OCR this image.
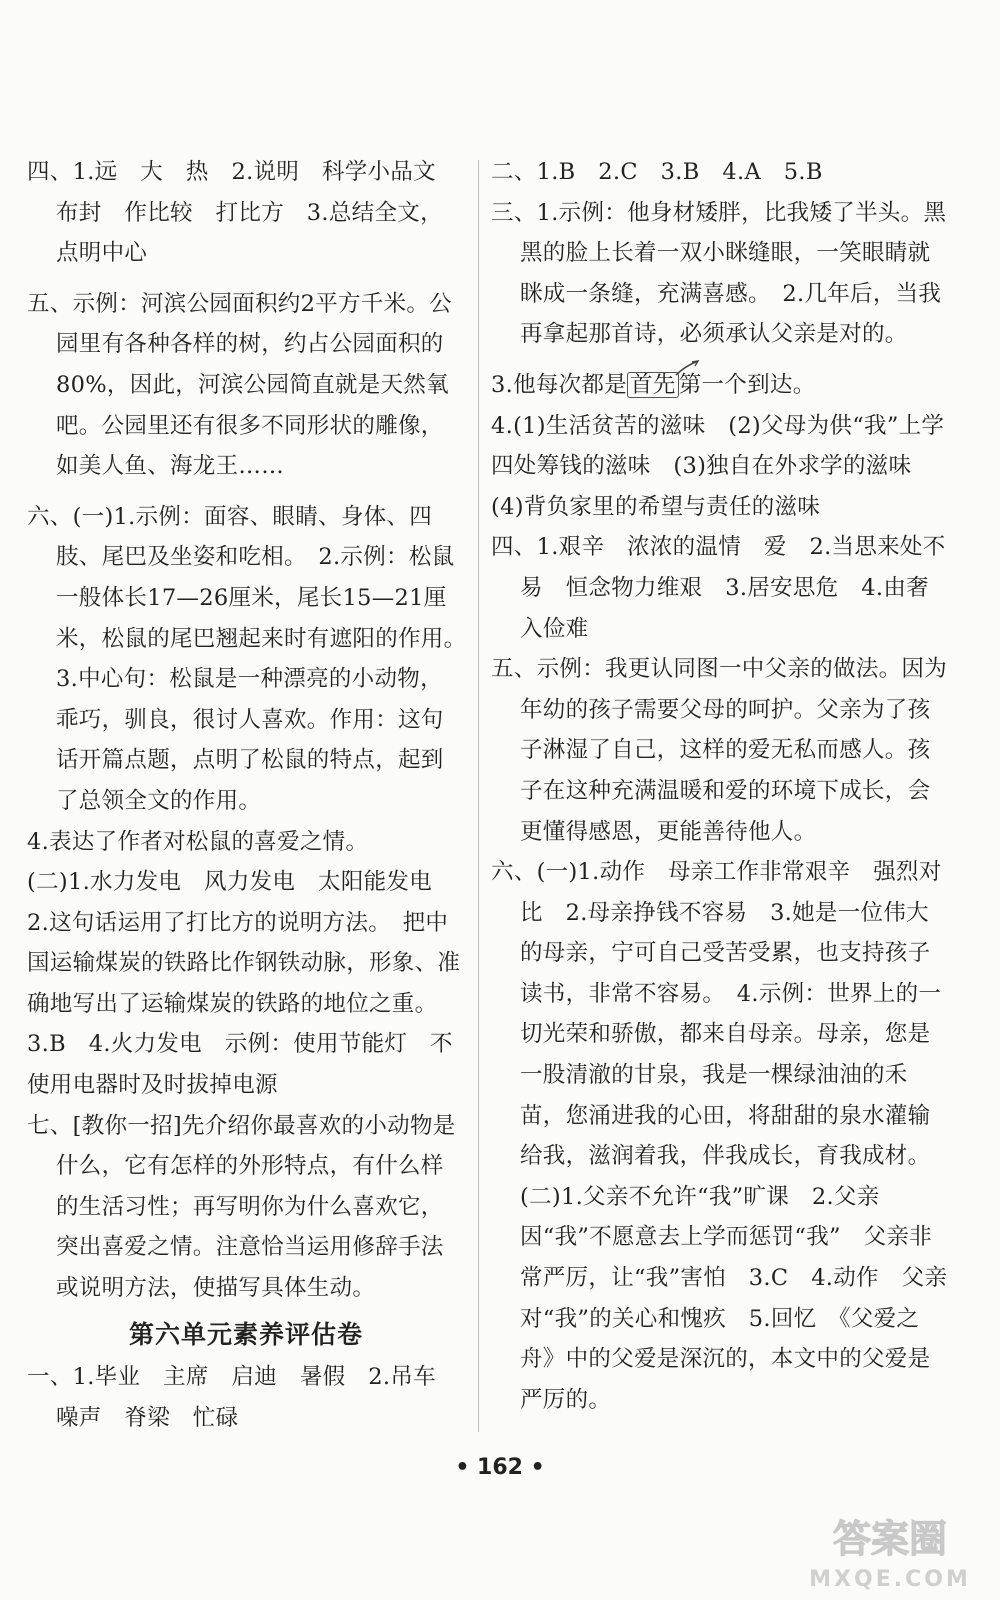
四、1.远　大　热　2.说明　科学小品文　布封　作比较　打比方　3.总结全文，点明中心

五、示例：河滨公园面积约2平方千米。公园里有各种各样的树，约占公园面积的80%，因此，河滨公园简直就是天然氧吧。公园里还有很多不同形状的雕像，如美人鱼、海龙王……

六、(一)1.示例：面容、眼睛、身体、四肢、尾巴及坐姿和吃相。　2.示例：松鼠一般体长17—26厘米，尾长15—21厘米，松鼠的尾巴翘起来时有遮阳的作用。　3.中心句：松鼠是一种漂亮的小动物，乖巧，驯良，很讨人喜欢。作用：这句话开篇点题，点明了松鼠的特点，起到了总领全文的作用。

4.表达了作者对松鼠的喜爱之情。

(二)1.水力发电　风力发电　太阳能发电

2.这句话运用了打比方的说明方法。　把中国运输煤炭的铁路比作钢铁动脉，形象、准确地写出了运输煤炭的铁路的地位之重。　3.B　4.火力发电　示例：使用节能灯　不使用电器时及时拔掉电源

七、[教你一招]先介绍你最喜欢的小动物是什么，它有怎样的外形特点，有什么样的生活习性；再写明你为什么喜欢它，突出喜爱之情。注意恰当运用修辞手法或说明方法，使描写具体生动。

第六单元素养评估卷

一、1.毕业　主席　启迪　暑假　2.吊车　噪声　脊梁　忙碌

二、1.B　2.C　3.B　4.A　5.B

三、1.示例：他身材矮胖，比我矮了半头。黑黑的脸上长着一双小眯缝眼，一笑眼睛就眯成一条缝，充满喜感。　2.几年后，当我再拿起那首诗，必须承认父亲是对的。

3.他每次都是 首先 第一个到达。

4.(1)生活贫苦的滋味　(2)父母为供“我”上学四处筹钱的滋味　(3)独自在外求学的滋味　(4)背负家里的希望与责任的滋味

四、1.艰辛　浓浓的温情　爱　2.当思来处不易　恒念物力维艰　3.居安思危　4.由奢入俭难

五、示例：我更认同图一中父亲的做法。因为年幼的孩子需要父母的呵护。父亲为了孩子淋湿了自己，这样的爱无私而感人。孩子在这种充满温暖和爱的环境下成长，会更懂得感恩，更能善待他人。

六、(一)1.动作　母亲工作非常艰辛　强烈对比　2.母亲挣钱不容易　3.她是一位伟大的母亲，宁可自己受苦受累，也支持孩子读书，非常不容易。　4.示例：世界上的一切光荣和骄傲，都来自母亲。母亲，您是一股清澈的甘泉，我是一棵绿油油的禾苗，您涌进我的心田，将甜甜的泉水灌输给我，滋润着我，伴我成长，育我成材。　(二)1.父亲不允许“我”旷课　2.父亲因“我”不愿意去上学而惩罚“我”　父亲非常严厉，让“我”害怕　3.C　4.动作　父亲对“我”的关心和愧疚　5.回忆　《父爱之舟》中的父爱是深沉的，本文中的父爱是严厉的。

• 162 •
答案圈
MXQE.COM
